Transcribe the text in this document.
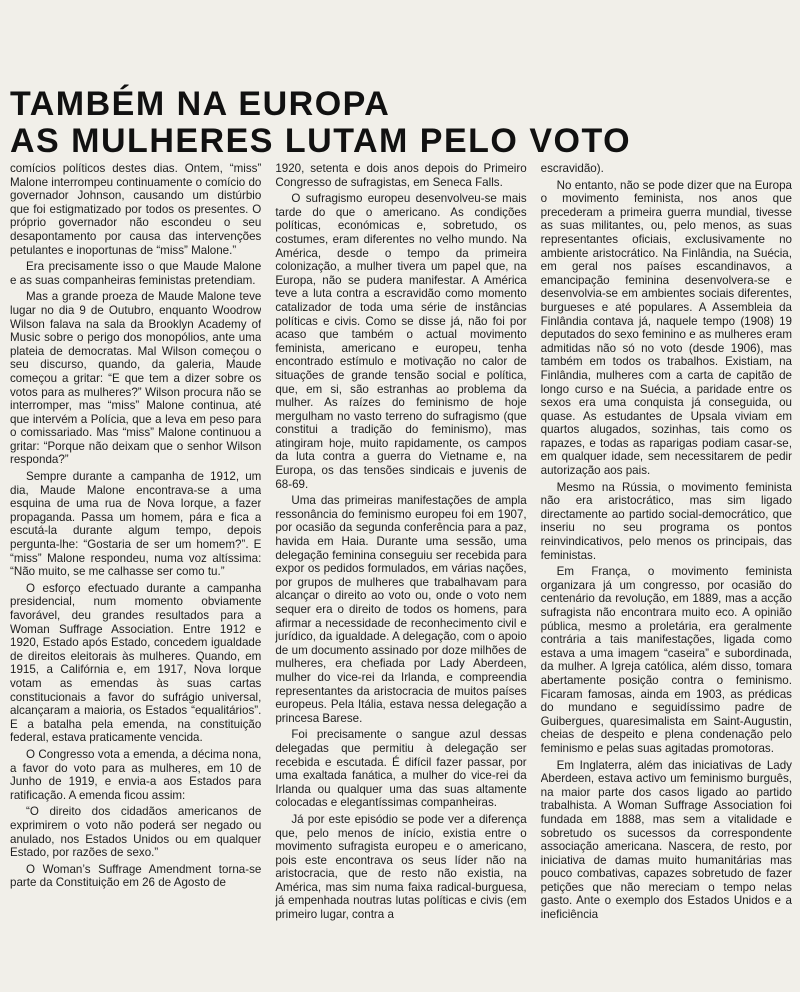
TAMBÉM NA EUROPA
AS MULHERES LUTAM PELO VOTO

comícios políticos destes dias. Ontem, “miss” Malone interrompeu continuamente o comício do governador Johnson, causando um distúrbio que foi estigmatizado por todos os presentes. O próprio governador não escondeu o seu desapontamento por causa das intervenções petulantes e inoportunas de “miss” Malone.”

Era precisamente isso o que Maude Malone e as suas companheiras feministas pretendiam.

Mas a grande proeza de Maude Malone teve lugar no dia 9 de Outubro, enquanto Woodrow Wilson falava na sala da Brooklyn Academy of Music sobre o perigo dos monopólios, ante uma plateia de democratas. Mal Wilson começou o seu discurso, quando, da galeria, Maude começou a gritar: “E que tem a dizer sobre os votos para as mulheres?” Wilson procura não se interromper, mas “miss” Malone continua, até que intervém a Polícia, que a leva em peso para o comissariado. Mas “miss” Malone continuou a gritar: “Porque não deixam que o senhor Wilson responda?”

Sempre durante a campanha de 1912, um dia, Maude Malone encontrava-se a uma esquina de uma rua de Nova Iorque, a fazer propaganda. Passa um homem, pára e fica a escutá-la durante algum tempo, depois pergunta-lhe: “Gostaria de ser um homem?”. E “miss” Malone respondeu, numa voz altíssima: “Não muito, se me calhasse ser como tu.”

O esforço efectuado durante a campanha presidencial, num momento obviamente favorável, deu grandes resultados para a Woman Suffrage Association. Entre 1912 e 1920, Estado após Estado, concedem igualdade de direitos eleitorais às mulheres. Quando, em 1915, a Califórnia e, em 1917, Nova Iorque votam as emendas às suas cartas constitucionais a favor do sufrágio universal, alcançaram a maioria, os Estados “equalitários”. E a batalha pela emenda, na constituição federal, estava praticamente vencida.

O Congresso vota a emenda, a décima nona, a favor do voto para as mulheres, em 10 de Junho de 1919, e envia-a aos Estados para ratificação. A emenda ficou assim:

“O direito dos cidadãos americanos de exprimirem o voto não poderá ser negado ou anulado, nos Estados Unidos ou em qualquer Estado, por razões de sexo.”

O Woman’s Suffrage Amendment torna-se parte da Constituição em 26 de Agosto de

1920, setenta e dois anos depois do Primeiro Congresso de sufragistas, em Seneca Falls.

O sufragismo europeu desenvolveu-se mais tarde do que o americano. As condições políticas, económicas e, sobretudo, os costumes, eram diferentes no velho mundo. Na América, desde o tempo da primeira colonização, a mulher tivera um papel que, na Europa, não se pudera manifestar. A América teve a luta contra a escravidão como momento catalizador de toda uma série de instâncias políticas e civis. Como se disse já, não foi por acaso que também o actual movimento feminista, americano e europeu, tenha encontrado estímulo e motivação no calor de situações de grande tensão social e política, que, em si, são estranhas ao problema da mulher. As raízes do feminismo de hoje mergulham no vasto terreno do sufragismo (que constitui a tradição do feminismo), mas atingiram hoje, muito rapidamente, os campos da luta contra a guerra do Vietname e, na Europa, os das tensões sindicais e juvenis de 68-69.

Uma das primeiras manifestações de ampla ressonância do feminismo europeu foi em 1907, por ocasião da segunda conferência para a paz, havida em Haia. Durante uma sessão, uma delegação feminina conseguiu ser recebida para expor os pedidos formulados, em várias nações, por grupos de mulheres que trabalhavam para alcançar o direito ao voto ou, onde o voto nem sequer era o direito de todos os homens, para afirmar a necessidade de reconhecimento civil e jurídico, da igualdade. A delegação, com o apoio de um documento assinado por doze milhões de mulheres, era chefiada por Lady Aberdeen, mulher do vice-rei da Irlanda, e compreendia representantes da aristocracia de muitos países europeus. Pela Itália, estava nessa delegação a princesa Barese.

Foi precisamente o sangue azul dessas delegadas que permitiu à delegação ser recebida e escutada. É difícil fazer passar, por uma exaltada fanática, a mulher do vice-rei da Irlanda ou qualquer uma das suas altamente colocadas e elegantíssimas companheiras.

Já por este episódio se pode ver a diferença que, pelo menos de início, existia entre o movimento sufragista europeu e o americano, pois este encontrava os seus líder não na aristocracia, que de resto não existia, na América, mas sim numa faixa radical-burguesa, já empenhada noutras lutas políticas e civis (em primeiro lugar, contra a

escravidão).

No entanto, não se pode dizer que na Europa o movimento feminista, nos anos que precederam a primeira guerra mundial, tivesse as suas militantes, ou, pelo menos, as suas representantes oficiais, exclusivamente no ambiente aristocrático. Na Finlândia, na Suécia, em geral nos países escandinavos, a emancipação feminina desenvolvera-se e desenvolvia-se em ambientes sociais diferentes, burgueses e até populares. A Assembleia da Finlândia contava já, naquele tempo (1908) 19 deputados do sexo feminino e as mulheres eram admitidas não só no voto (desde 1906), mas também em todos os trabalhos. Existiam, na Finlândia, mulheres com a carta de capitão de longo curso e na Suécia, a paridade entre os sexos era uma conquista já conseguida, ou quase. As estudantes de Upsala viviam em quartos alugados, sozinhas, tais como os rapazes, e todas as raparigas podiam casar-se, em qualquer idade, sem necessitarem de pedir autorização aos pais.

Mesmo na Rússia, o movimento feminista não era aristocrático, mas sim ligado directamente ao partido social-democrático, que inseriu no seu programa os pontos reinvindicativos, pelo menos os principais, das feministas.

Em França, o movimento feminista organizara já um congresso, por ocasião do centenário da revolução, em 1889, mas a acção sufragista não encontrara muito eco. A opinião pública, mesmo a proletária, era geralmente contrária a tais manifestações, ligada como estava a uma imagem “caseira” e subordinada, da mulher. A Igreja católica, além disso, tomara abertamente posição contra o feminismo. Ficaram famosas, ainda em 1903, as prédicas do mundano e seguidíssimo padre de Guibergues, quaresimalista em Saint-Augustin, cheias de despeito e plena condenação pelo feminismo e pelas suas agitadas promotoras.

Em Inglaterra, além das iniciativas de Lady Aberdeen, estava activo um feminismo burguês, na maior parte dos casos ligado ao partido trabalhista. A Woman Suffrage Association foi fundada em 1888, mas sem a vitalidade e sobretudo os sucessos da correspondente associação americana. Nascera, de resto, por iniciativa de damas muito humanitárias mas pouco combativas, capazes sobretudo de fazer petições que não mereciam o tempo nelas gasto. Ante o exemplo dos Estados Unidos e a ineficiência
